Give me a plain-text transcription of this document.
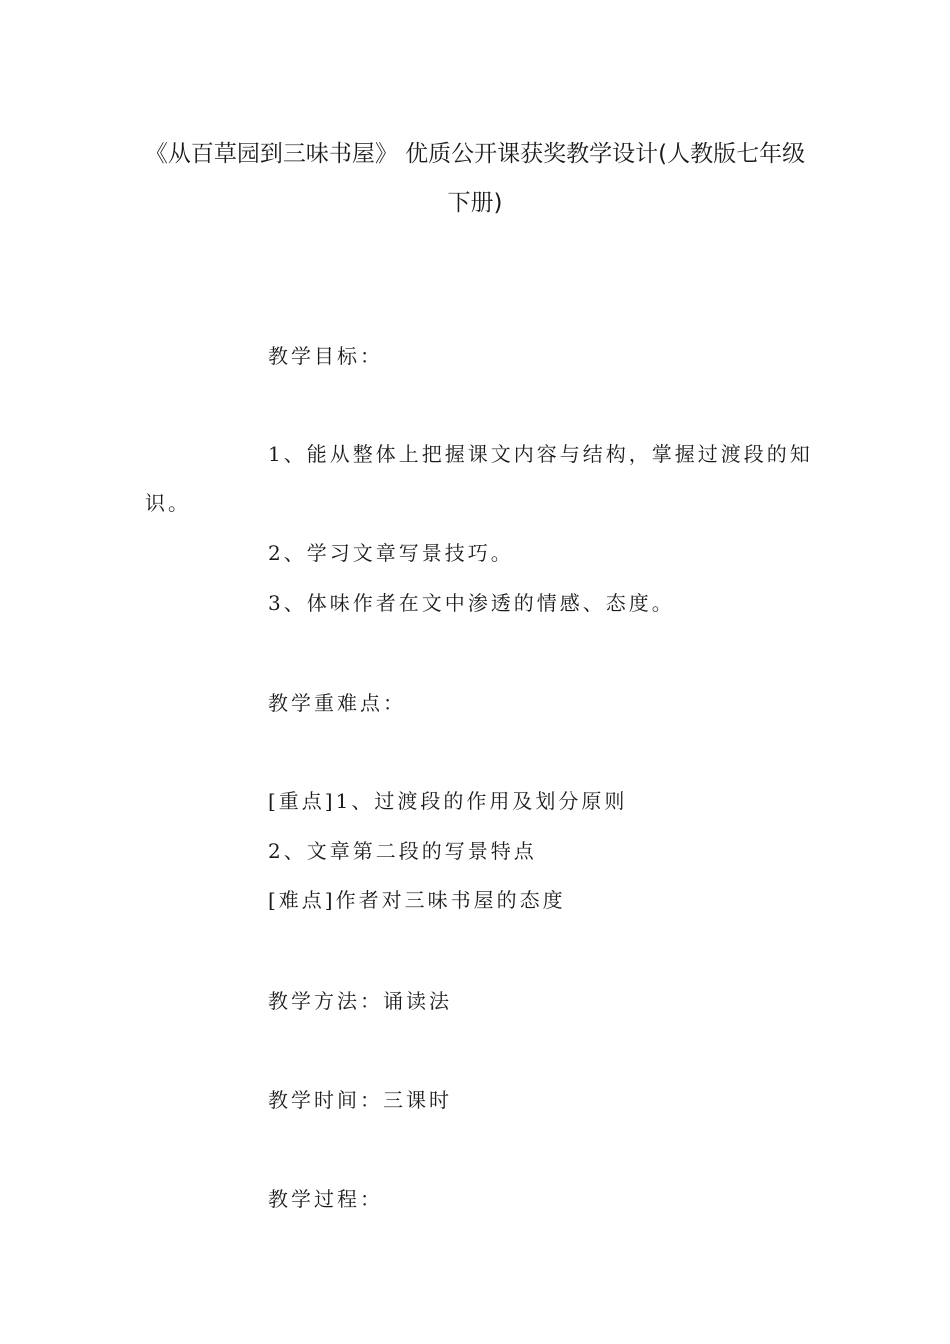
《从百草园到三味书屋》 优质公开课获奖教学设计(人教版七年级
下册)

教学目标：

1、能从整体上把握课文内容与结构，掌握过渡段的知

识。

2、学习文章写景技巧。

3、体味作者在文中渗透的情感、态度。

教学重难点：

[重点]1、过渡段的作用及划分原则

2、文章第二段的写景特点

[难点]作者对三味书屋的态度

教学方法：诵读法

教学时间：三课时

教学过程：
